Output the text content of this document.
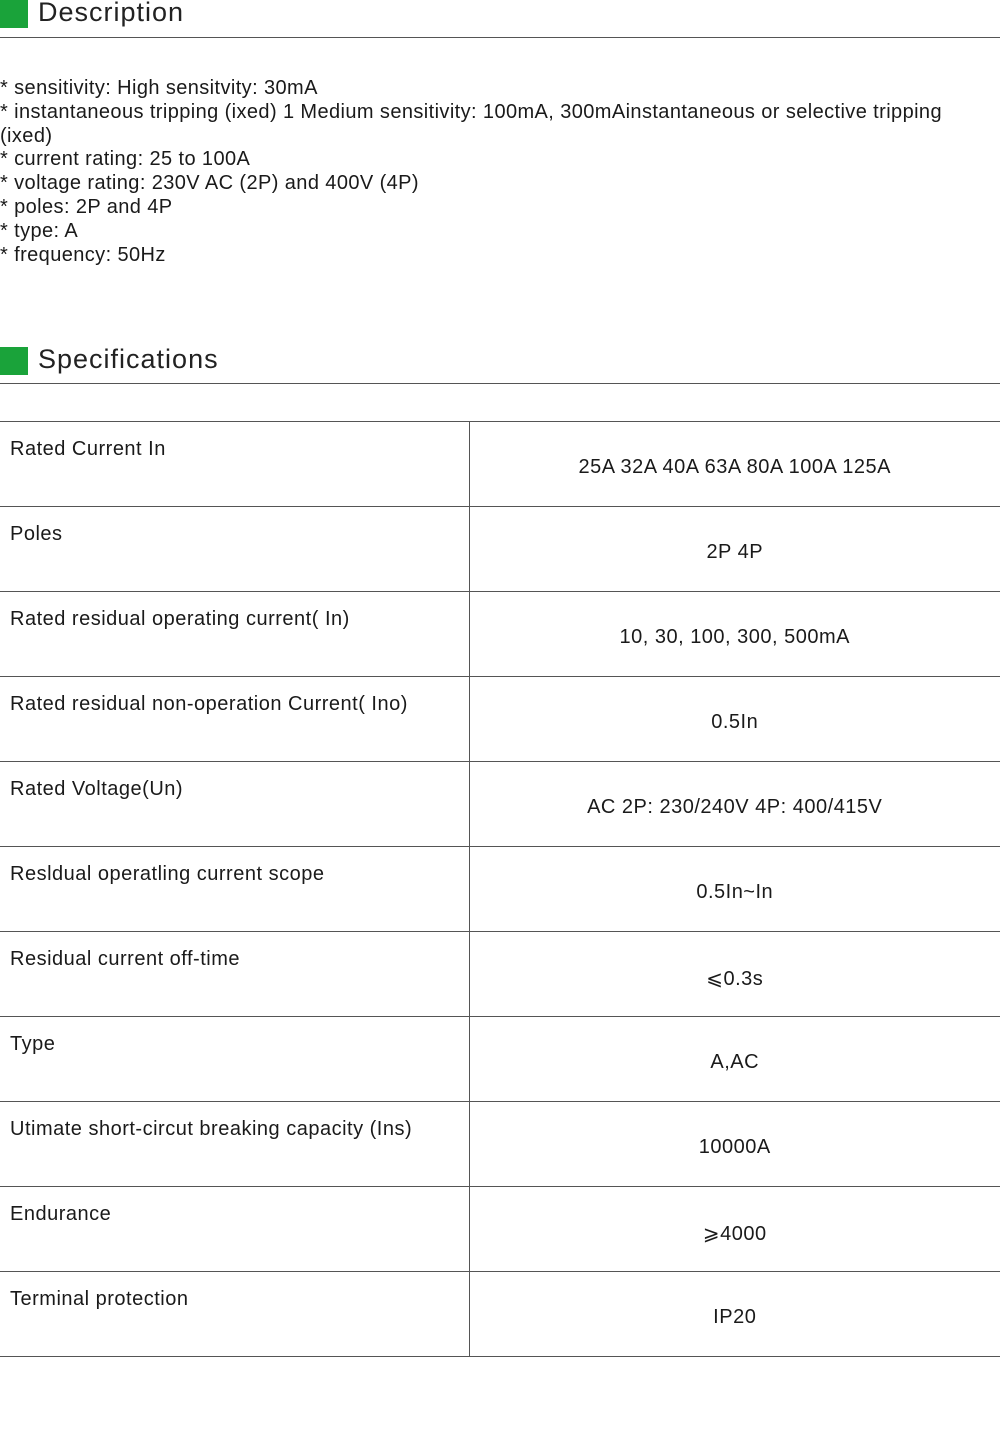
Description
* sensitivity: High sensitvity: 30mA
* instantaneous tripping (ixed) 1 Medium sensitivity: 100mA, 300mAinstantaneous or selective tripping (ixed)
* current rating: 25 to 100A
* voltage rating: 230V AC (2P) and 400V (4P)
* poles: 2P and 4P
* type: A
* frequency: 50Hz
Specifications
Rated Current In	25A 32A 40A 63A 80A 100A 125A
Poles	2P 4P
Rated residual operating current( In)	10, 30, 100, 300, 500mA
Rated residual non-operation Current( Ino)	0.5In
Rated Voltage(Un)	AC 2P: 230/240V 4P: 400/415V
Resldual operatling current scope	0.5In~In
Residual current off-time	⩽0.3s
Type	A,AC
Utimate short-circut breaking capacity (Ins)	10000A
Endurance	⩾4000
Terminal protection	IP20
